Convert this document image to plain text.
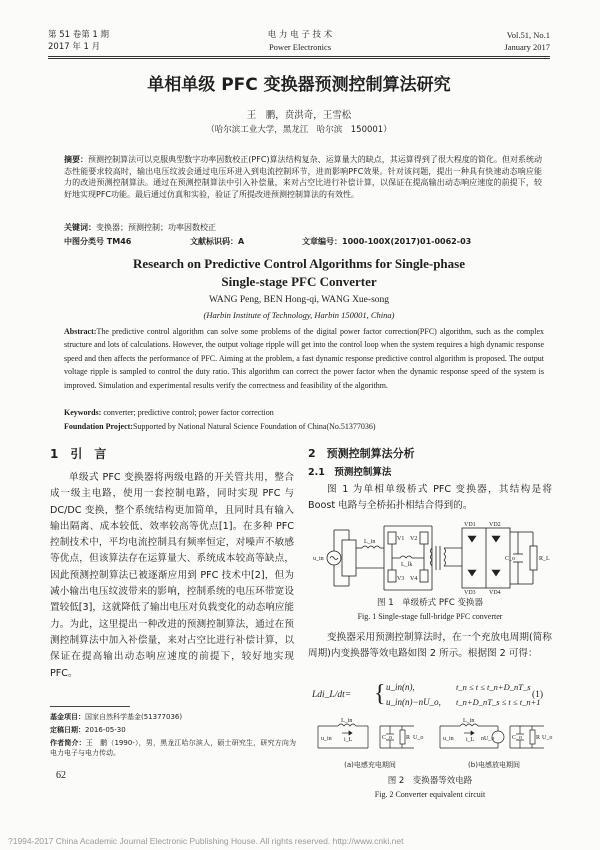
第 51 卷第 1 期
2017 年 1 月
电 力 电 子 技 术
Power Electronics
Vol.51, No.1
January 2017
单相单级 PFC 变换器预测控制算法研究
王　鹏，贲洪奇，王雪松
（哈尔滨工业大学，黑龙江　哈尔滨　150001）
摘要：预测控制算法可以克服典型数字功率因数校正(PFC)算法结构复杂、运算量大的缺点，其运算得到了很大程度的简化。但对系统动态性能要求较高时，输出电压纹波会通过电压环进入到电流控制环节，进而影响PFC效果。针对该问题，提出一种具有快速动态响应能力的改进预测控制算法。通过在预测控制算法中引入补偿量，来对占空比进行补偿计算，以保证在提高输出动态响应速度的前提下，较好地实现PFC功能。最后通过仿真和实验，验证了所提改进预测控制算法的有效性。
关键词：变换器；预测控制；功率因数校正
中图分类号 TM46	文献标识码：A	文章编号：1000-100X(2017)01-0062-03
Research on Predictive Control Algorithms for Single-phase
Single-stage PFC Converter
WANG Peng, BEN Hong-qi, WANG Xue-song
(Harbin Institute of Technology, Harbin 150001, China)
Abstract:The predictive control algorithm can solve some problems of the digital power factor correction(PFC) algorithm, such as the complex structure and lots of calculations. However, the output voltage ripple will get into the control loop when the system requires a high dynamic response speed and then affects the performance of PFC. Aiming at the problem, a fast dynamic response predictive control algorithm is proposed. The output voltage ripple is sampled to control the duty ratio. This algorithm can correct the power factor when the dynamic response speed of the system is improved. Simulation and experimental results verify the correctness and feasibility of the algorithm.
Keywords: converter; predictive control; power factor correction
Foundation Project:Supported by National Natural Science Foundation of China(No.51377036)
1　引　言
单级式 PFC 变换器将两级电路的开关管共用，整合成一级主电路，使用一套控制电路，同时实现 PFC 与 DC/DC 变换，整个系统结构更加简单，且同时具有输入输出隔离、成本较低、效率较高等优点[1]。在多种 PFC 控制技术中，平均电流控制具有频率恒定，对噪声不敏感等优点，但该算法存在运算量大、系统成本较高等缺点，因此预测控制算法已被逐渐应用到 PFC 技术中[2]，但为减小输出电压纹波带来的影响，控制系统的电压环带宽设置较低[3]，这就降低了输出电压对负载变化的动态响应能力。为此，这里提出一种改进的预测控制算法，通过在预测控制算法中加入补偿量，来对占空比进行补偿计算，以保证在提高输出动态响应速度的前提下，较好地实现 PFC。
基金项目：国家自然科学基金(51377036)
定稿日期：2016-05-30
作者简介：王　鹏（1990-），男，黑龙江哈尔滨人，硕士研究生，研究方向为电力电子与电力传动。
62
2　预测控制算法分析
2.1　预测控制算法
图 1 为单相单级桥式 PFC 变换器，其结构是将 Boost 电路与全桥拓扑相结合得到的。
u_in
L_in	V1 V2
V3 V4
L_lk
VD1 VD2
VD3 VD4
C_o	R_L
图 1　单级桥式 PFC 变换器
Fig. 1 Single-stage full-bridge PFC converter
变换器采用预测控制算法时，在一个充放电周期(简称周期)内变换器等效电路如图 2 所示。根据图 2 可得：
Ldi_L/dt= { u_in(n),	t_n ≤ t ≤ t_n+D_nT_s
u_in(n)−nU_o, t_n+D_nT_s ≤ t ≤ t_n+1
(1)
L_in
i_L
u_in	C_o R U_o
L_in
i_L
u_in	nU_o	C_o R U_o
(a)电感充电期间	(b)电感放电期间
图 2　变换器等效电路
Fig. 2 Converter equivalent circuit
?1994-2017 China Academic Journal Electronic Publishing House. All rights reserved. http://www.cnki.net
